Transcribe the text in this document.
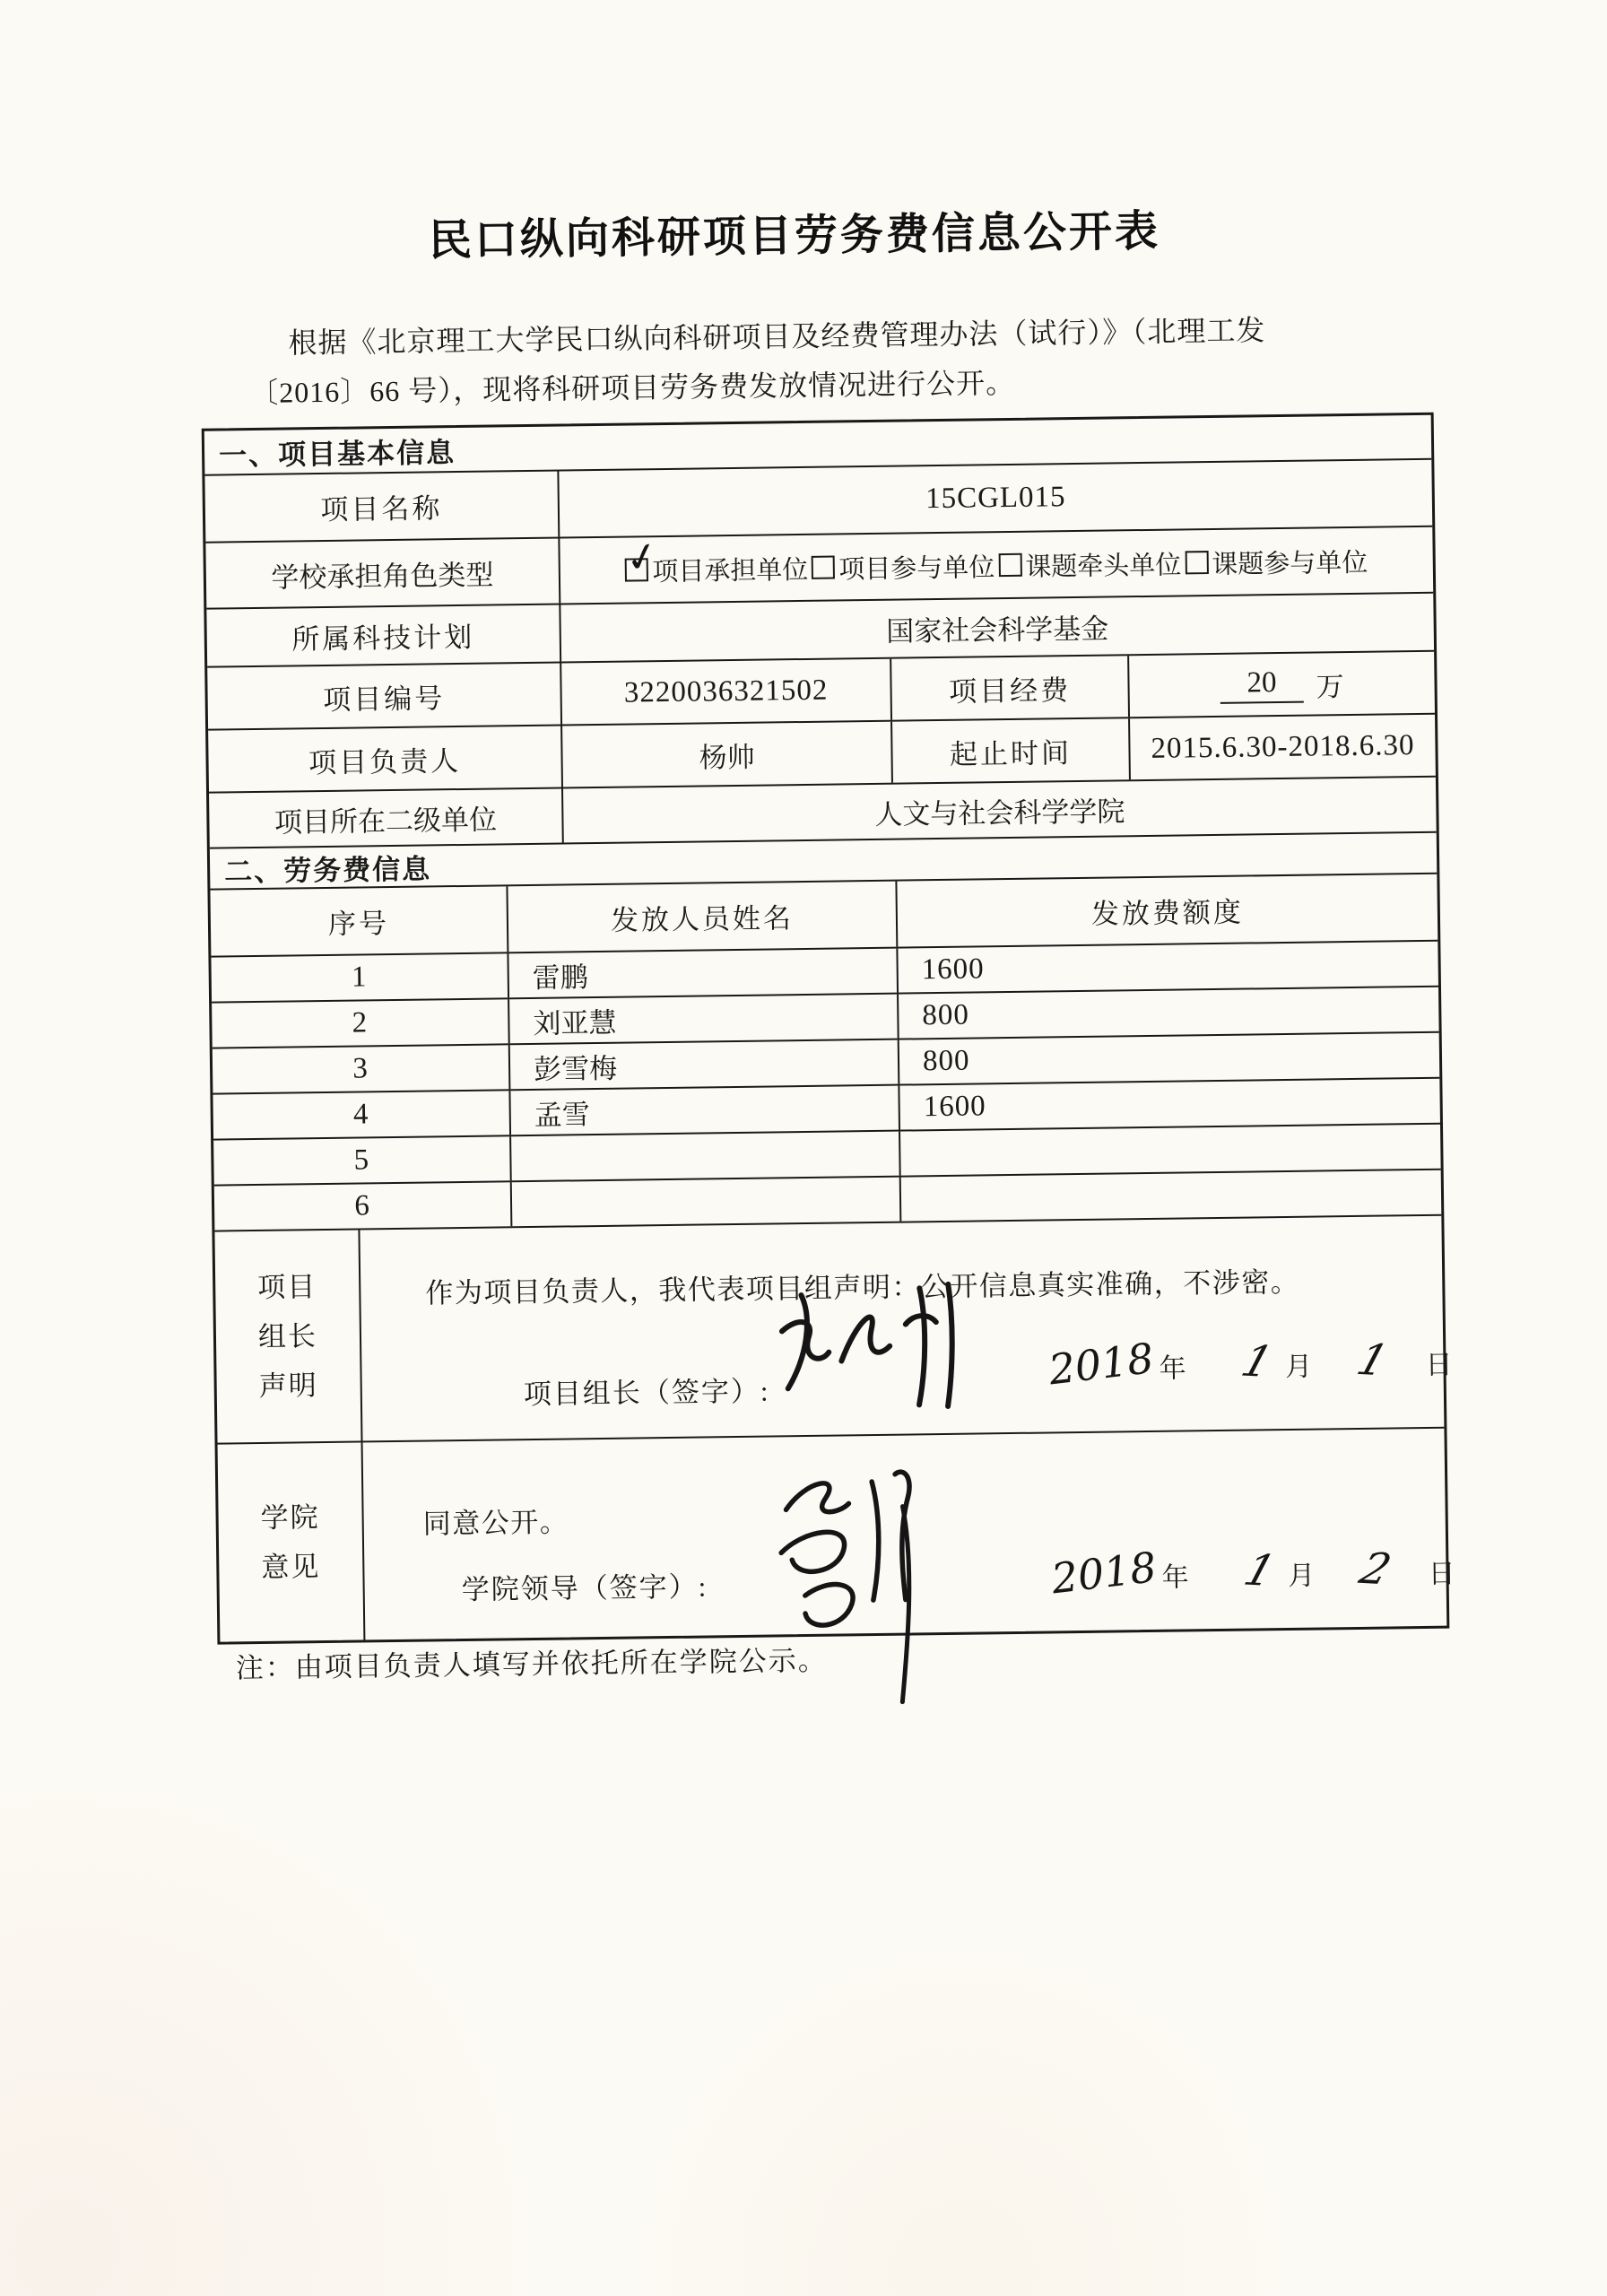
民口纵向科研项目劳务费信息公开表

根据《北京理工大学民口纵向科研项目及经费管理办法（试行）》（北理工发
〔2016〕66 号），现将科研项目劳务费发放情况进行公开。

一、项目基本信息
项目名称	15CGL015
学校承担角色类型	✓
项目承担单位 项目参与单位 课题牵头单位 课题参与单位
所属科技计划	国家社会科学基金
项目编号	3220036321502	项目经费	20	万
项目负责人	杨帅	起止时间	2015.6.30-2018.6.30
项目所在二级单位	人文与社会科学学院
二、劳务费信息
序号	发放人员姓名	发放费额度
1	雷鹏	1600
2	刘亚慧	800
3	彭雪梅	800
4	孟雪	1600
5
6
项目
组长
声明
作为项目负责人，我代表项目组声明：公开信息真实准确，不涉密。
项目组长（签字）:	2018 年 1 月 1 日
学院
意见
同意公开。
学院领导（签字）:	2018 年 1 月 2 日
注：由项目负责人填写并依托所在学院公示。
